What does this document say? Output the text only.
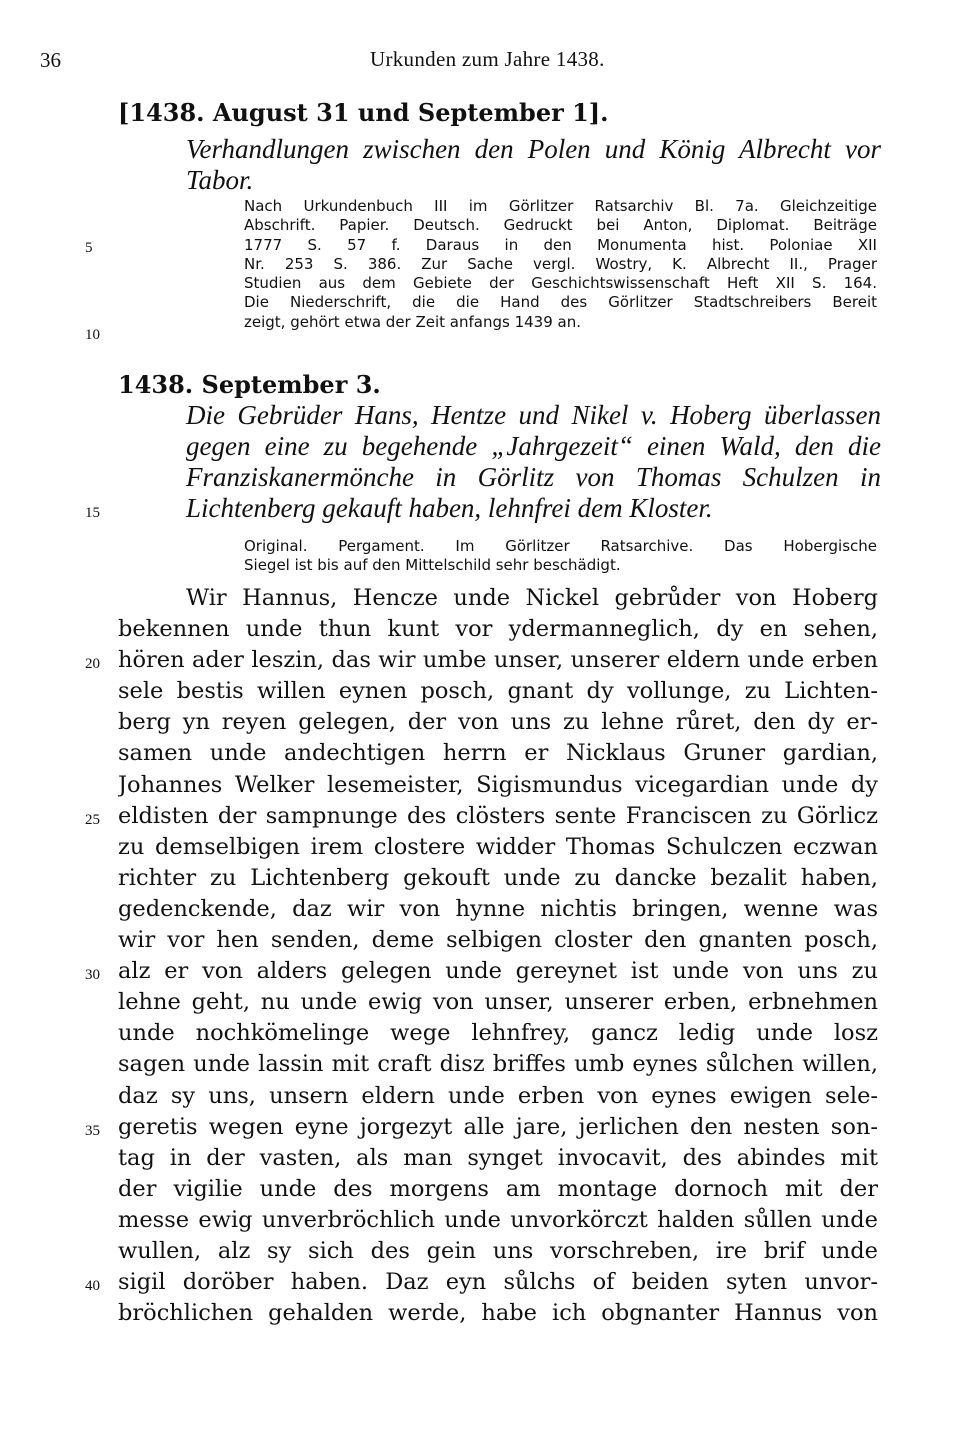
36	Urkunden zum Jahre 1438.
[1438. August 31 und September 1].
Verhandlungen zwischen den Polen und König Albrecht vor
Tabor.
Nach Urkundenbuch III im Görlitzer Ratsarchiv Bl. 7a. Gleichzeitige
Abschrift. Papier. Deutsch. Gedruckt bei Anton, Diplomat. Beiträge
1777 S. 57 f. Daraus in den Monumenta hist. Poloniae XII
Nr. 253 S. 386. Zur Sache vergl. Wostry, K. Albrecht II., Prager
Studien aus dem Gebiete der Geschichtswissenschaft Heft XII S. 164.
Die Niederschrift, die die Hand des Görlitzer Stadtschreibers Bereit
zeigt, gehört etwa der Zeit anfangs 1439 an.
1438. September 3.
Die Gebrüder Hans, Hentze und Nikel v. Hoberg überlassen
gegen eine zu begehende „Jahrgezeit“ einen Wald, den die
Franziskanermönche in Görlitz von Thomas Schulzen in
Lichtenberg gekauft haben, lehnfrei dem Kloster.
Original. Pergament. Im Görlitzer Ratsarchive. Das Hobergische
Siegel ist bis auf den Mittelschild sehr beschädigt.
Wir Hannus, Hencze unde Nickel gebrůder von Hoberg
bekennen unde thun kunt vor ydermanneglich, dy en sehen,
hören ader leszin, das wir umbe unser, unserer eldern unde erben
sele bestis willen eynen posch, gnant dy vollunge, zu Lichten-
berg yn reyen gelegen, der von uns zu lehne růret, den dy er-
samen unde andechtigen herrn er Nicklaus Gruner gardian,
Johannes Welker lesemeister, Sigismundus vicegardian unde dy
eldisten der sampnunge des clösters sente Franciscen zu Görlicz
zu demselbigen irem clostere widder Thomas Schulczen eczwan
richter zu Lichtenberg gekouft unde zu dancke bezalit haben,
gedenckende, daz wir von hynne nichtis bringen, wenne was
wir vor hen senden, deme selbigen closter den gnanten posch,
alz er von alders gelegen unde gereynet ist unde von uns zu
lehne geht, nu unde ewig von unser, unserer erben, erbnehmen
unde nochkömelinge wege lehnfrey, gancz ledig unde losz
sagen unde lassin mit craft disz briffes umb eynes sůlchen willen,
daz sy uns, unsern eldern unde erben von eynes ewigen sele-
geretis wegen eyne jorgezyt alle jare, jerlichen den nesten son-
tag in der vasten, als man synget invocavit, des abindes mit
der vigilie unde des morgens am montage dornoch mit der
messe ewig unverbröchlich unde unvorkörczt halden sůllen unde
wullen, alz sy sich des gein uns vorschreben, ire brif unde
sigil doröber haben. Daz eyn sůlchs of beiden syten unvor-
bröchlichen gehalden werde, habe ich obgnanter Hannus von
5
10
15
20
25
30
35
40
